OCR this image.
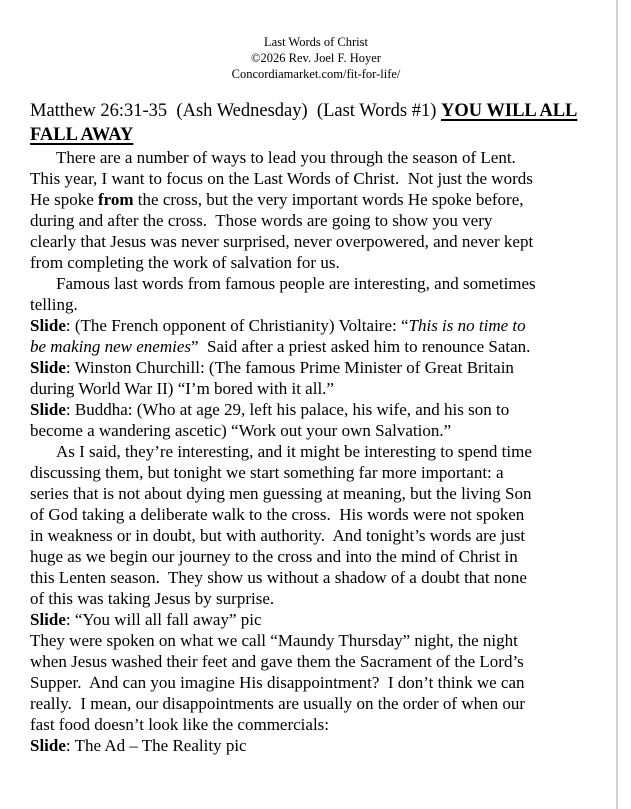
Last Words of Christ
©2026 Rev. Joel F. Hoyer
Concordiamarket.com/fit-for-life/
Matthew 26:31-35  (Ash Wednesday)  (Last Words #1) YOU WILL ALL
FALL AWAY
There are a number of ways to lead you through the season of Lent.
This year, I want to focus on the Last Words of Christ.  Not just the words
He spoke from the cross, but the very important words He spoke before,
during and after the cross.  Those words are going to show you very
clearly that Jesus was never surprised, never overpowered, and never kept
from completing the work of salvation for us.
Famous last words from famous people are interesting, and sometimes
telling.
Slide: (The French opponent of Christianity) Voltaire: “This is no time to
be making new enemies”  Said after a priest asked him to renounce Satan.
Slide: Winston Churchill: (The famous Prime Minister of Great Britain
during World War II) “I’m bored with it all.”
Slide: Buddha: (Who at age 29, left his palace, his wife, and his son to
become a wandering ascetic) “Work out your own Salvation.”
As I said, they’re interesting, and it might be interesting to spend time
discussing them, but tonight we start something far more important: a
series that is not about dying men guessing at meaning, but the living Son
of God taking a deliberate walk to the cross.  His words were not spoken
in weakness or in doubt, but with authority.  And tonight’s words are just
huge as we begin our journey to the cross and into the mind of Christ in
this Lenten season.  They show us without a shadow of a doubt that none
of this was taking Jesus by surprise.
Slide: “You will all fall away” pic
They were spoken on what we call “Maundy Thursday” night, the night
when Jesus washed their feet and gave them the Sacrament of the Lord’s
Supper.  And can you imagine His disappointment?  I don’t think we can
really.  I mean, our disappointments are usually on the order of when our
fast food doesn’t look like the commercials:
Slide: The Ad – The Reality pic
